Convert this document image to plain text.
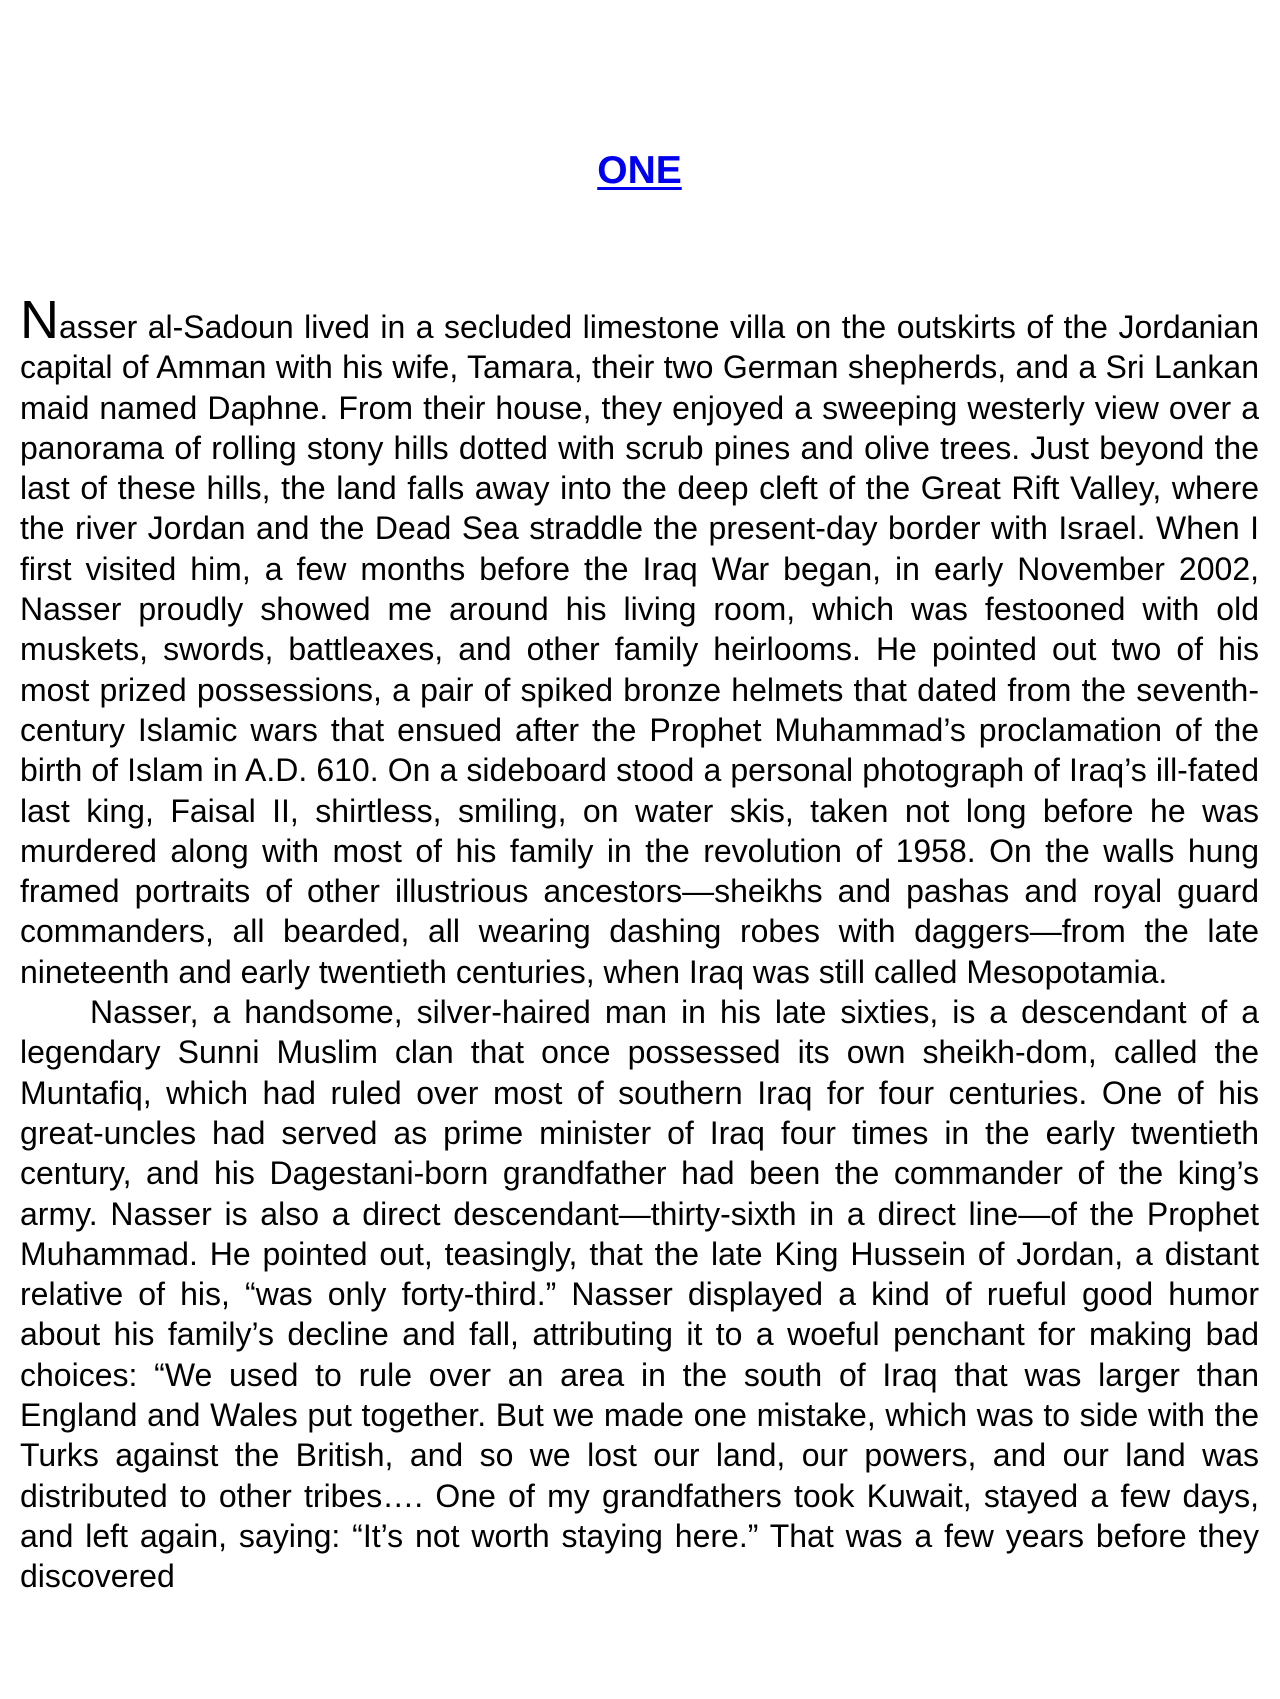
ONE

Nasser al-Sadoun lived in a secluded limestone villa on the outskirts of the Jordanian capital of Amman with his wife, Tamara, their two German shepherds, and a Sri Lankan maid named Daphne. From their house, they enjoyed a sweeping westerly view over a panorama of rolling stony hills dotted with scrub pines and olive trees. Just beyond the last of these hills, the land falls away into the deep cleft of the Great Rift Valley, where the river Jordan and the Dead Sea straddle the present-day border with Israel. When I first visited him, a few months before the Iraq War began, in early November 2002, Nasser proudly showed me around his living room, which was festooned with old muskets, swords, battleaxes, and other family heirlooms. He pointed out two of his most prized possessions, a pair of spiked bronze helmets that dated from the seventh-century Islamic wars that ensued after the Prophet Muhammad’s proclamation of the birth of Islam in A.D. 610. On a sideboard stood a personal photograph of Iraq’s ill-fated last king, Faisal II, shirtless, smiling, on water skis, taken not long before he was murdered along with most of his family in the revolution of 1958. On the walls hung framed portraits of other illustrious ancestors—sheikhs and pashas and royal guard commanders, all bearded, all wearing dashing robes with daggers—from the late nineteenth and early twentieth centuries, when Iraq was still called Mesopotamia.

Nasser, a handsome, silver-haired man in his late sixties, is a descendant of a legendary Sunni Muslim clan that once possessed its own sheikh-dom, called the Muntafiq, which had ruled over most of southern Iraq for four centuries. One of his great-uncles had served as prime minister of Iraq four times in the early twentieth century, and his Dagestani-born grandfather had been the commander of the king’s army. Nasser is also a direct descendant—thirty-sixth in a direct line—of the Prophet Muhammad. He pointed out, teasingly, that the late King Hussein of Jordan, a distant relative of his, “was only forty-third.” Nasser displayed a kind of rueful good humor about his family’s decline and fall, attributing it to a woeful penchant for making bad choices: “We used to rule over an area in the south of Iraq that was larger than England and Wales put together. But we made one mistake, which was to side with the Turks against the British, and so we lost our land, our powers, and our land was distributed to other tribes…. One of my grandfathers took Kuwait, stayed a few days, and left again, saying: “It’s not worth staying here.” That was a few years before they discovered
